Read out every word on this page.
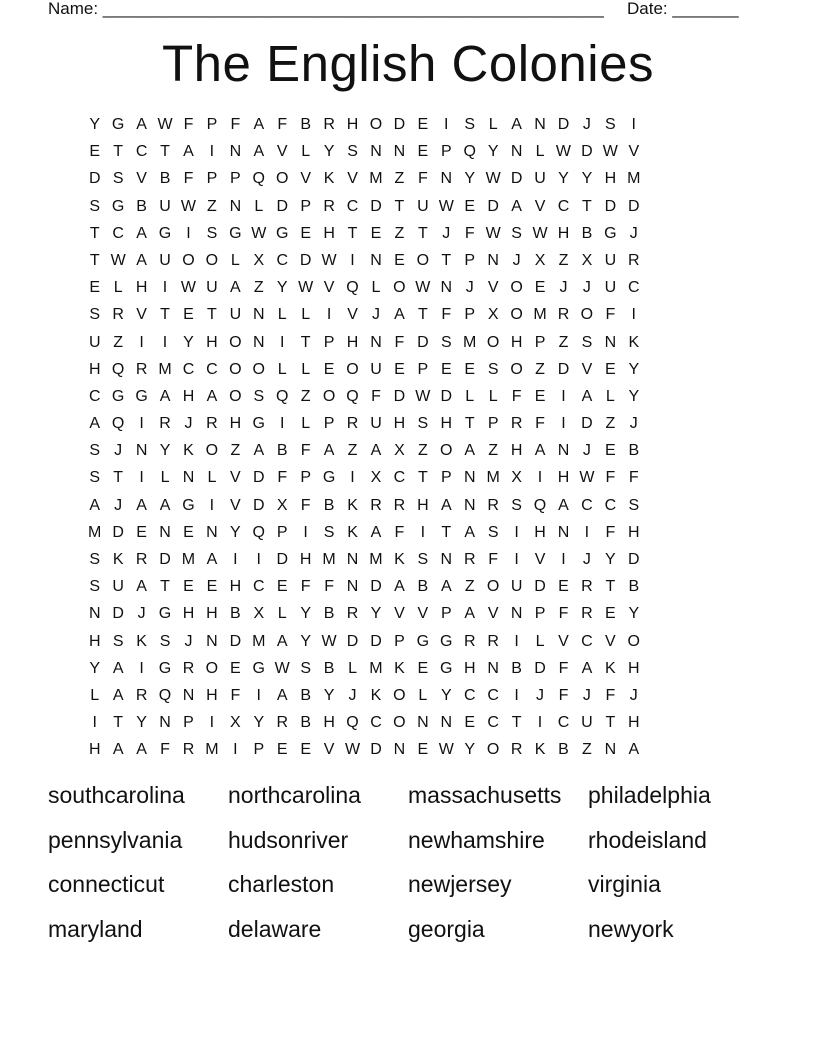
Name: _____________________________________________________ Date: _______
The English Colonies
Y G A W F P F A F B R H O D E I S L A N D J S I
E T C T A I N A V L Y S N N E P Q Y N L W D W V
D S V B F P P Q O V K V M Z F N Y W D U Y Y H M
S G B U W Z N L D P R C D T U W E D A V C T D D
T C A G I S G W G E H T E Z T J F W S W H B G J
T W A U O O L X C D W I N E O T P N J X Z X U R
E L H I W U A Z Y W V Q L O W N J V O E J J U C
S R V T E T U N L L	I V J A T F P X O M R O F	I
U Z	I	I Y H O N I	T P H N F D S M O H P Z S N K
H Q R M C C O O L L E O U E P E E S O Z D V E Y
C G G A H A O S Q Z O Q F D W D L L F E I A L Y
A Q I R J R H G I	L P R U H S H T P R F	I D Z J
S J N Y K O Z A B F A Z A X Z O A Z H A N J E B
S T	I	L N L V D F P G I X C T P N M X I H W F F
A J A A G I V D X F B K R R H A N R S Q A C C S
M D E N E N Y Q P I S K A F	I	T A S I H N I	F H
S K R D M A I	I D H M N M K S N R F	I V I	J Y D
S U A T E E H C E F F N D A B A Z O U D E R T B
N D J G H H B X L Y B R Y V V P A V N P F R E Y
H S K S J N D M A Y W D D P G G R R I	L V C V O
Y A I G R O E G W S B L M K E G H N B D F A K H
L A R Q N H F	I A B Y J K O L Y C C I	J F J F J
I	T Y N P I X Y R B H Q C O N N E C T	I C U T H
H A A F R M I P E E V W D N E W Y O R K B Z N A
southcarolina	northcarolina	massachusetts	philadelphia
pennsylvania	hudsonriver	newhamshire	rhodeisland
connecticut	charleston	newjersey	virginia
maryland	delaware	georgia	newyork
